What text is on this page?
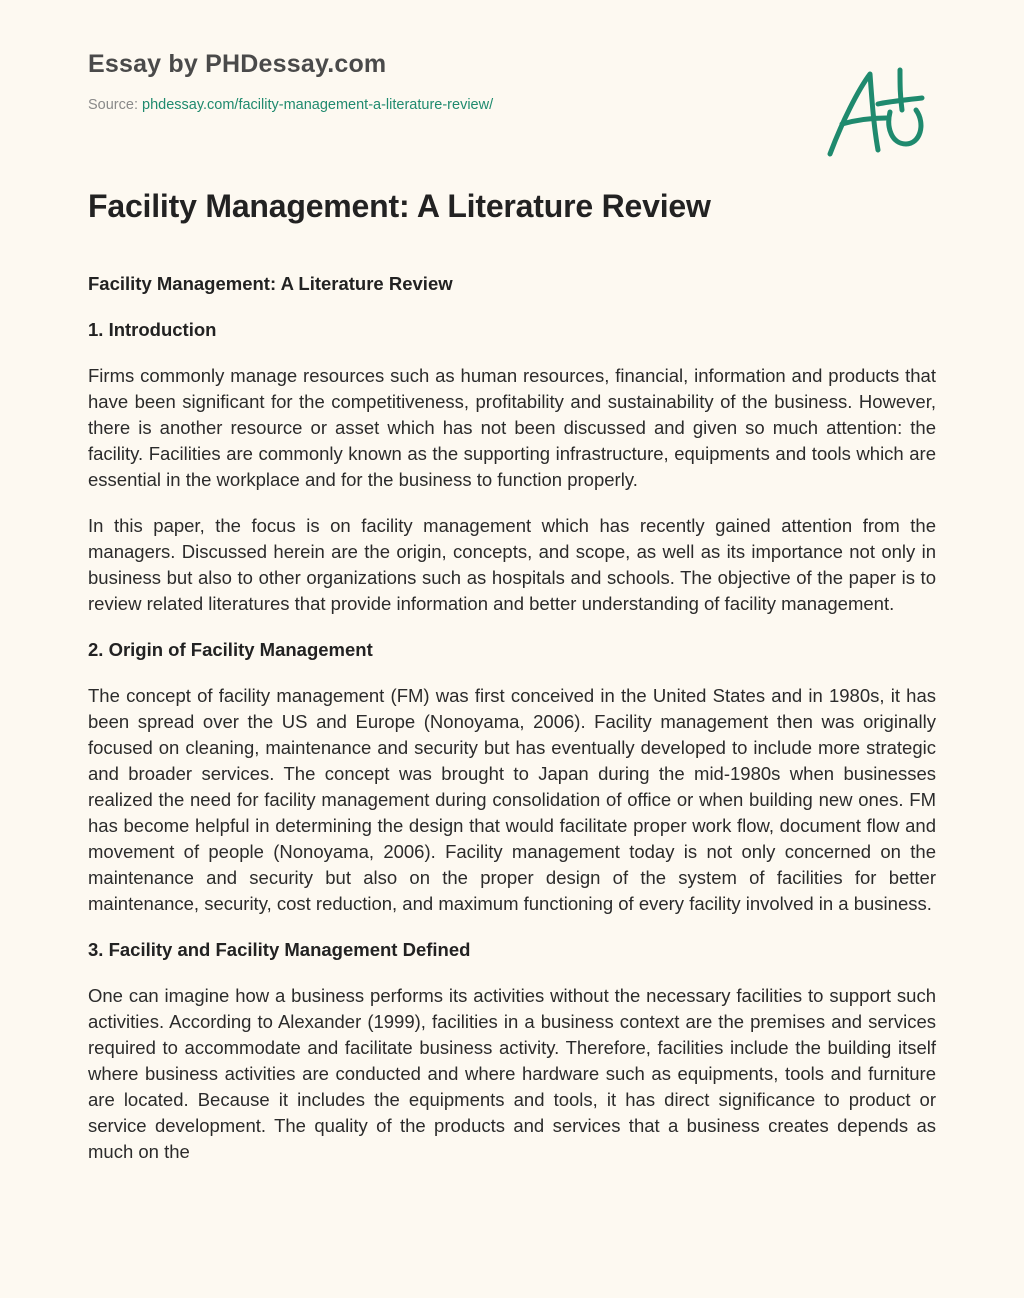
Essay by PHDessay.com
Source: phdessay.com/facility-management-a-literature-review/
Facility Management: A Literature Review
Facility Management: A Literature Review
1. Introduction

Firms commonly manage resources such as human resources, financial, information and products that have been significant for the competitiveness, profitability and sustainability of the business. However, there is another resource or asset which has not been discussed and given so much attention: the facility. Facilities are commonly known as the supporting infrastructure, equipments and tools which are essential in the workplace and for the business to function properly.

In this paper, the focus is on facility management which has recently gained attention from the managers. Discussed herein are the origin, concepts, and scope, as well as its importance not only in business but also to other organizations such as hospitals and schools. The objective of the paper is to review related literatures that provide information and better understanding of facility management.

2. Origin of Facility Management

The concept of facility management (FM) was first conceived in the United States and in 1980s, it has been spread over the US and Europe (Nonoyama, 2006). Facility management then was originally focused on cleaning, maintenance and security but has eventually developed to include more strategic and broader services. The concept was brought to Japan during the mid-1980s when businesses realized the need for facility management during consolidation of office or when building new ones. FM has become helpful in determining the design that would facilitate proper work flow, document flow and movement of people (Nonoyama, 2006). Facility management today is not only concerned on the maintenance and security but also on the proper design of the system of facilities for better maintenance, security, cost reduction, and maximum functioning of every facility involved in a business.

3. Facility and Facility Management Defined

One can imagine how a business performs its activities without the necessary facilities to support such activities. According to Alexander (1999), facilities in a business context are the premises and services required to accommodate and facilitate business activity. Therefore, facilities include the building itself where business activities are conducted and where hardware such as equipments, tools and furniture are located. Because it includes the equipments and tools, it has direct significance to product or service development. The quality of the products and services that a business creates depends as much on the
